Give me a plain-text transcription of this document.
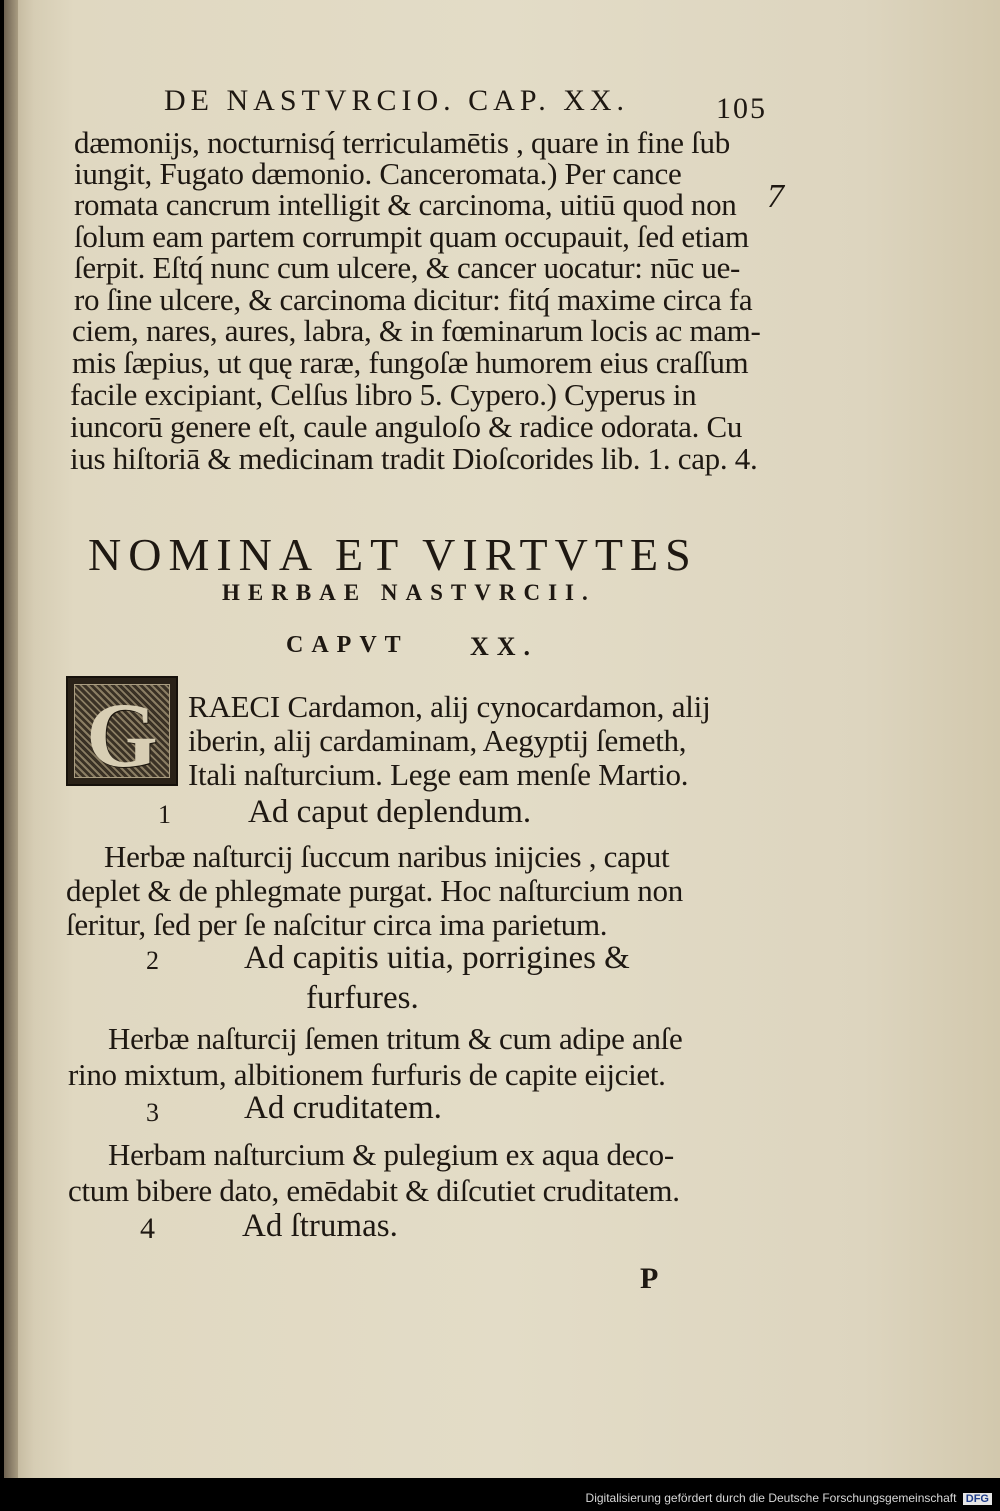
DE NASTVRCIO. CAP. XX.	105
7
dæmonijs, nocturnisq́ terriculamētis , quare in fine ſub
iungit, Fugato dæmonio. Canceromata.) Per cance
romata cancrum intelligit & carcinoma, uitiū quod non
ſolum eam partem corrumpit quam occupauit, ſed etiam
ſerpit. Eſtq́ nunc cum ulcere, & cancer uocatur: nūc ue-
ro ſine ulcere, & carcinoma dicitur: fitq́ maxime circa fa
ciem, nares, aures, labra, & in fœminarum locis ac mam-
mis ſæpius, ut quę raræ, fungoſæ humorem eius craſſum
facile excipiant, Celſus libro 5. Cypero.) Cyperus in
iuncorū genere eſt, caule anguloſo & radice odorata. Cu
ius hiſtoriā & medicinam tradit Dioſcorides lib. 1. cap. 4.
NOMINA ET VIRTVTES
HERBAE NASTVRCII.
CAPVT XX.
G RAECI Cardamon, alij cynocardamon, alij
iberin, alij cardaminam, Aegyptij ſemeth,
Itali naſturcium. Lege eam menſe Martio.
1 Ad caput deplendum.
Herbæ naſturcij ſuccum naribus inijcies , caput
deplet & de phlegmate purgat. Hoc naſturcium non
ſeritur, ſed per ſe naſcitur circa ima parietum.
2	Ad capitis uitia, porrigines &
furfures.
Herbæ naſturcij ſemen tritum & cum adipe anſe
rino mixtum, albitionem furfuris de capite eijciet.
3	Ad cruditatem.
Herbam naſturcium & pulegium ex aqua deco-
ctum bibere dato, emēdabit & diſcutiet cruditatem.
4	Ad ſtrumas.
P
Digitalisierung gefördert durch die Deutsche Forschungsgemeinschaft DFG
